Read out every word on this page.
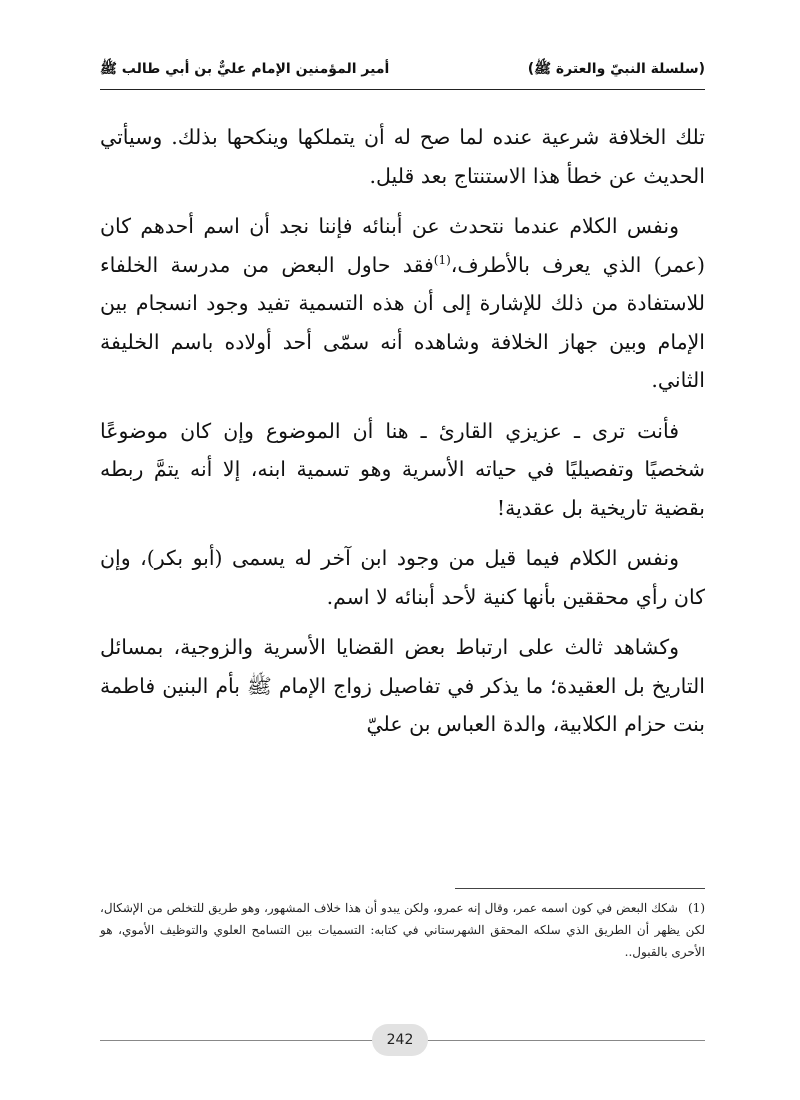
(سلسلة النبيّ والعترة ﷺ)
أمير المؤمنين الإمام عليٌّ بن أبي طالب ﷺ

تلك الخلافة شرعية عنده لما صح له أن يتملكها وينكحها بذلك. وسيأتي الحديث عن خطأ هذا الاستنتاج بعد قليل.

ونفس الكلام عندما نتحدث عن أبنائه فإننا نجد أن اسم أحدهم كان (عمر) الذي يعرف بالأطرف،$^{(1)}$فقد حاول البعض من مدرسة الخلفاء للاستفادة من ذلك للإشارة إلى أن هذه التسمية تفيد وجود انسجام بين الإمام وبين جهاز الخلافة وشاهده أنه سمّى أحد أولاده باسم الخليفة الثاني.

فأنت ترى ـ عزيزي القارئ ـ هنا أن الموضوع وإن كان موضوعًا شخصيًا وتفصيليًا في حياته الأسرية وهو تسمية ابنه، إلا أنه يتمَّ ربطه بقضية تاريخية بل عقدية!

ونفس الكلام فيما قيل من وجود ابن آخر له يسمى (أبو بكر)، وإن كان رأي محققين بأنها كنية لأحد أبنائه لا اسم.

وكشاهد ثالث على ارتباط بعض القضايا الأسرية والزوجية، بمسائل التاريخ بل العقيدة؛ ما يذكر في تفاصيل زواج الإمام ﷺ بأم البنين فاطمة بنت حزام الكلابية، والدة العباس بن عليّ

(1)شكك البعض في كون اسمه عمر، وقال إنه عمرو، ولكن يبدو أن هذا خلاف المشهور، وهو طريق للتخلص من الإشكال، لكن يظهر أن الطريق الذي سلكه المحقق الشهرستاني في كتابه: التسميات بين التسامح العلوي والتوظيف الأموي، هو الأحرى بالقبول..
242
